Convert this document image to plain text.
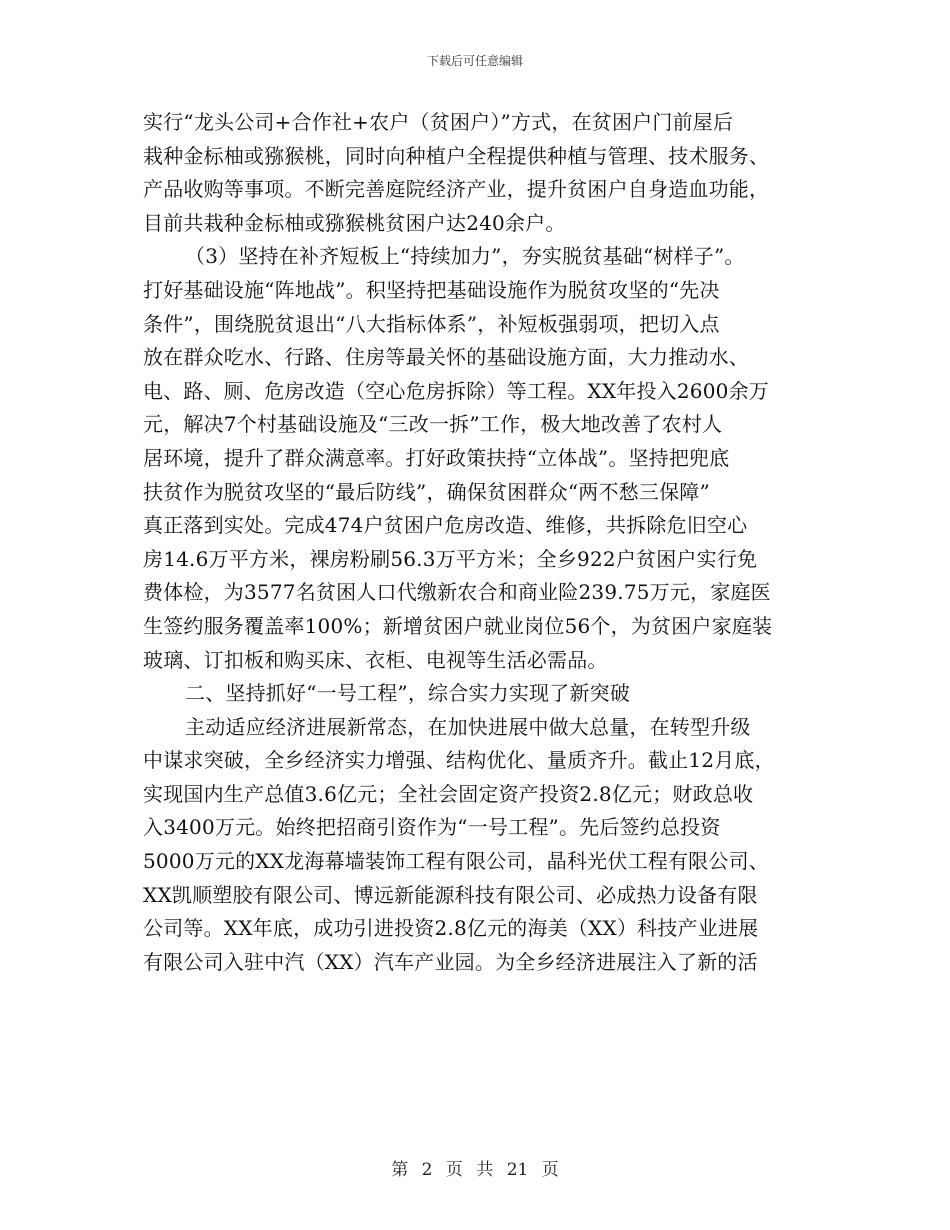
下载后可任意编辑
实行“龙头公司+合作社+农户（贫困户）”方式，在贫困户门前屋后
栽种金标柚或猕猴桃，同时向种植户全程提供种植与管理、技术服务、
产品收购等事项。不断完善庭院经济产业，提升贫困户自身造血功能，
目前共栽种金标柚或猕猴桃贫困户达240余户。
（3）坚持在补齐短板上“持续加力”，夯实脱贫基础“树样子”。
打好基础设施“阵地战”。积坚持把基础设施作为脱贫攻坚的“先决
条件”，围绕脱贫退出“八大指标体系”，补短板强弱项，把切入点
放在群众吃水、行路、住房等最关怀的基础设施方面，大力推动水、
电、路、厕、危房改造（空心危房拆除）等工程。XX年投入2600余万
元，解决7个村基础设施及“三改一拆”工作，极大地改善了农村人
居环境，提升了群众满意率。打好政策扶持“立体战”。坚持把兜底
扶贫作为脱贫攻坚的“最后防线”，确保贫困群众“两不愁三保障”
真正落到实处。完成474户贫困户危房改造、维修，共拆除危旧空心
房14.6万平方米，裸房粉刷56.3万平方米；全乡922户贫困户实行免
费体检，为3577名贫困人口代缴新农合和商业险239.75万元，家庭医
生签约服务覆盖率100%；新增贫困户就业岗位56个，为贫困户家庭装
玻璃、订扣板和购买床、衣柜、电视等生活必需品。
二、坚持抓好“一号工程”，综合实力实现了新突破
主动适应经济进展新常态，在加快进展中做大总量，在转型升级
中谋求突破，全乡经济实力增强、结构优化、量质齐升。截止12月底，
实现国内生产总值3.6亿元；全社会固定资产投资2.8亿元；财政总收
入3400万元。始终把招商引资作为“一号工程”。先后签约总投资
5000万元的XX龙海幕墙装饰工程有限公司，晶科光伏工程有限公司、
XX凯顺塑胶有限公司、博远新能源科技有限公司、必成热力设备有限
公司等。XX年底，成功引进投资2.8亿元的海美（XX）科技产业进展
有限公司入驻中汽（XX）汽车产业园。为全乡经济进展注入了新的活
第 2 页 共 21 页
